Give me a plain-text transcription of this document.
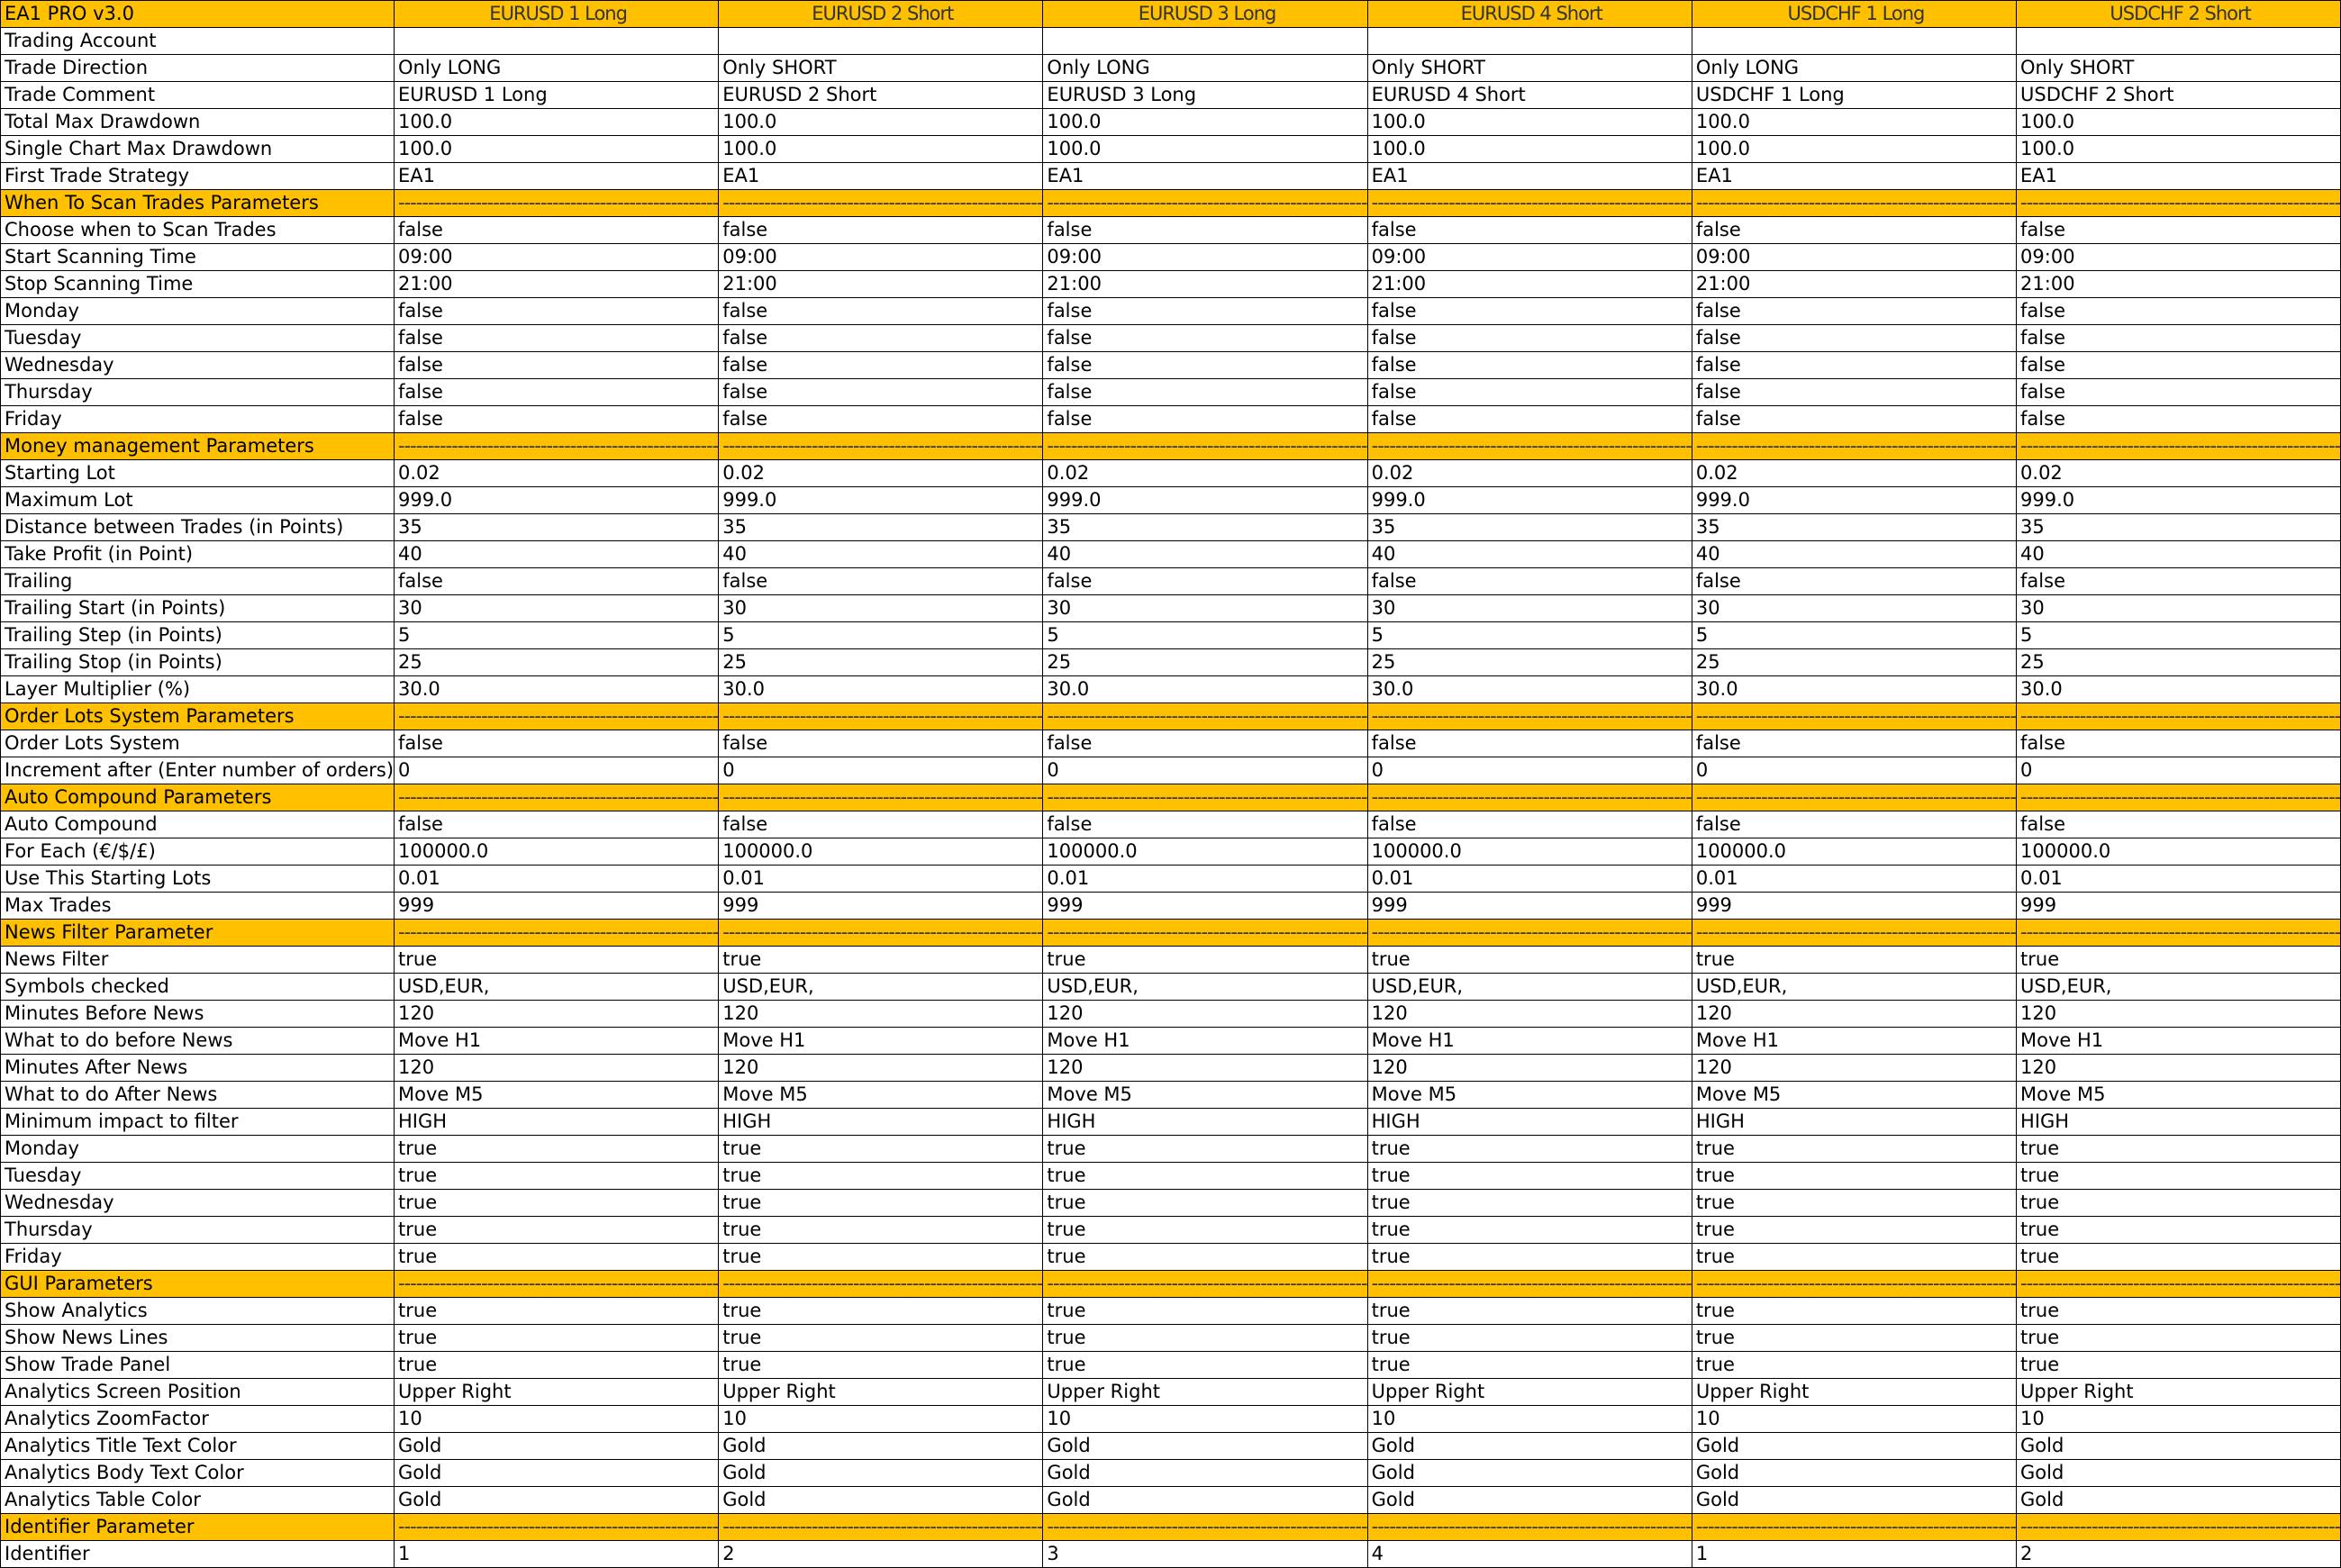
EA1 PRO v3.0	EURUSD 1 Long	EURUSD 2 Short	EURUSD 3 Long	EURUSD 4 Short	USDCHF 1 Long	USDCHF 2 Short
Trading Account						
Trade Direction	Only LONG	Only SHORT	Only LONG	Only SHORT	Only LONG	Only SHORT
Trade Comment	EURUSD 1 Long	EURUSD 2 Short	EURUSD 3 Long	EURUSD 4 Short	USDCHF 1 Long	USDCHF 2 Short
Total Max Drawdown	100.0	100.0	100.0	100.0	100.0	100.0
Single Chart Max Drawdown	100.0	100.0	100.0	100.0	100.0	100.0
First Trade Strategy	EA1	EA1	EA1	EA1	EA1	EA1
When To Scan Trades Parameters	------------------------------------------------------	------------------------------------------------------	------------------------------------------------------	------------------------------------------------------	------------------------------------------------------	------------------------------------------------------
Choose when to Scan Trades	false	false	false	false	false	false
Start Scanning Time	09:00	09:00	09:00	09:00	09:00	09:00
Stop Scanning Time	21:00	21:00	21:00	21:00	21:00	21:00
Monday	false	false	false	false	false	false
Tuesday	false	false	false	false	false	false
Wednesday	false	false	false	false	false	false
Thursday	false	false	false	false	false	false
Friday	false	false	false	false	false	false
Money management Parameters	------------------------------------------------------	------------------------------------------------------	------------------------------------------------------	------------------------------------------------------	------------------------------------------------------	------------------------------------------------------
Starting Lot	0.02	0.02	0.02	0.02	0.02	0.02
Maximum Lot	999.0	999.0	999.0	999.0	999.0	999.0
Distance between Trades (in Points)	35	35	35	35	35	35
Take Profit (in Point)	40	40	40	40	40	40
Trailing	false	false	false	false	false	false
Trailing Start (in Points)	30	30	30	30	30	30
Trailing Step (in Points)	5	5	5	5	5	5
Trailing Stop (in Points)	25	25	25	25	25	25
Layer Multiplier (%)	30.0	30.0	30.0	30.0	30.0	30.0
Order Lots System Parameters	------------------------------------------------------	------------------------------------------------------	------------------------------------------------------	------------------------------------------------------	------------------------------------------------------	------------------------------------------------------
Order Lots System	false	false	false	false	false	false
Increment after (Enter number of orders)	0	0	0	0	0	0
Auto Compound Parameters	------------------------------------------------------	------------------------------------------------------	------------------------------------------------------	------------------------------------------------------	------------------------------------------------------	------------------------------------------------------
Auto Compound	false	false	false	false	false	false
For Each (€/$/£)	100000.0	100000.0	100000.0	100000.0	100000.0	100000.0
Use This Starting Lots	0.01	0.01	0.01	0.01	0.01	0.01
Max Trades	999	999	999	999	999	999
News Filter Parameter	------------------------------------------------------	------------------------------------------------------	------------------------------------------------------	------------------------------------------------------	------------------------------------------------------	------------------------------------------------------
News Filter	true	true	true	true	true	true
Symbols checked	USD,EUR,	USD,EUR,	USD,EUR,	USD,EUR,	USD,EUR,	USD,EUR,
Minutes Before News	120	120	120	120	120	120
What to do before News	Move H1	Move H1	Move H1	Move H1	Move H1	Move H1
Minutes After News	120	120	120	120	120	120
What to do After News	Move M5	Move M5	Move M5	Move M5	Move M5	Move M5
Minimum impact to filter	HIGH	HIGH	HIGH	HIGH	HIGH	HIGH
Monday	true	true	true	true	true	true
Tuesday	true	true	true	true	true	true
Wednesday	true	true	true	true	true	true
Thursday	true	true	true	true	true	true
Friday	true	true	true	true	true	true
GUI Parameters	------------------------------------------------------	------------------------------------------------------	------------------------------------------------------	------------------------------------------------------	------------------------------------------------------	------------------------------------------------------
Show Analytics	true	true	true	true	true	true
Show News Lines	true	true	true	true	true	true
Show Trade Panel	true	true	true	true	true	true
Analytics Screen Position	Upper Right	Upper Right	Upper Right	Upper Right	Upper Right	Upper Right
Analytics ZoomFactor	10	10	10	10	10	10
Analytics Title Text Color	Gold	Gold	Gold	Gold	Gold	Gold
Analytics Body Text Color	Gold	Gold	Gold	Gold	Gold	Gold
Analytics Table Color	Gold	Gold	Gold	Gold	Gold	Gold
Identifier Parameter	------------------------------------------------------	------------------------------------------------------	------------------------------------------------------	------------------------------------------------------	------------------------------------------------------	------------------------------------------------------
Identifier	1	2	3	4	1	2
